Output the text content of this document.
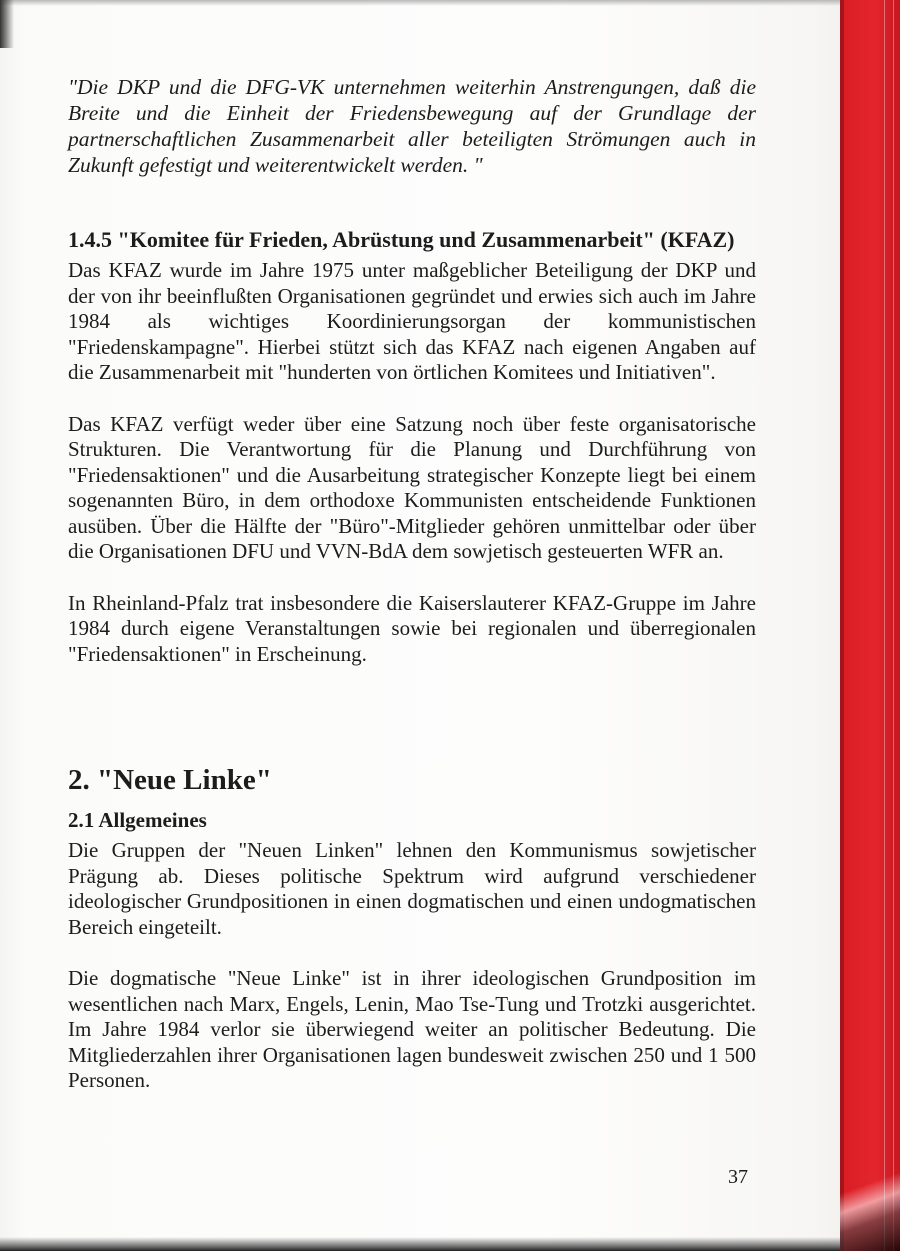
"Die DKP und die DFG-VK unternehmen weiterhin Anstrengungen, daß die Breite und die Einheit der Friedensbewegung auf der Grundlage der partnerschaftlichen Zusammenarbeit aller beteiligten Strömungen auch in Zukunft gefestigt und weiterentwickelt werden. "

1.4.5 "Komitee für Frieden, Abrüstung und Zusammenarbeit" (KFAZ)

Das KFAZ wurde im Jahre 1975 unter maßgeblicher Beteiligung der DKP und der von ihr beeinflußten Organisationen gegründet und erwies sich auch im Jahre 1984 als wichtiges Koordinierungsorgan der kommunistischen "Friedenskampagne". Hierbei stützt sich das KFAZ nach eigenen Angaben auf die Zusammenarbeit mit "hunderten von örtlichen Komitees und Initiativen".

Das KFAZ verfügt weder über eine Satzung noch über feste organisatorische Strukturen. Die Verantwortung für die Planung und Durchführung von "Friedensaktionen" und die Ausarbeitung strategischer Konzepte liegt bei einem sogenannten Büro, in dem orthodoxe Kommunisten entscheidende Funktionen ausüben. Über die Hälfte der "Büro"-Mitglieder gehören unmittelbar oder über die Organisationen DFU und VVN-BdA dem sowjetisch gesteuerten WFR an.

In Rheinland-Pfalz trat insbesondere die Kaiserslauterer KFAZ-Gruppe im Jahre 1984 durch eigene Veranstaltungen sowie bei regionalen und überregionalen "Friedensaktionen" in Erscheinung.

2. "Neue Linke"
2.1 Allgemeines

Die Gruppen der "Neuen Linken" lehnen den Kommunismus sowjetischer Prägung ab. Dieses politische Spektrum wird aufgrund verschiedener ideologischer Grundpositionen in einen dogmatischen und einen undogmatischen Bereich eingeteilt.

Die dogmatische "Neue Linke" ist in ihrer ideologischen Grundposition im wesentlichen nach Marx, Engels, Lenin, Mao Tse-Tung und Trotzki ausgerichtet. Im Jahre 1984 verlor sie überwiegend weiter an politischer Bedeutung. Die Mitgliederzahlen ihrer Organisationen lagen bundesweit zwischen 250 und 1 500 Personen.

37
